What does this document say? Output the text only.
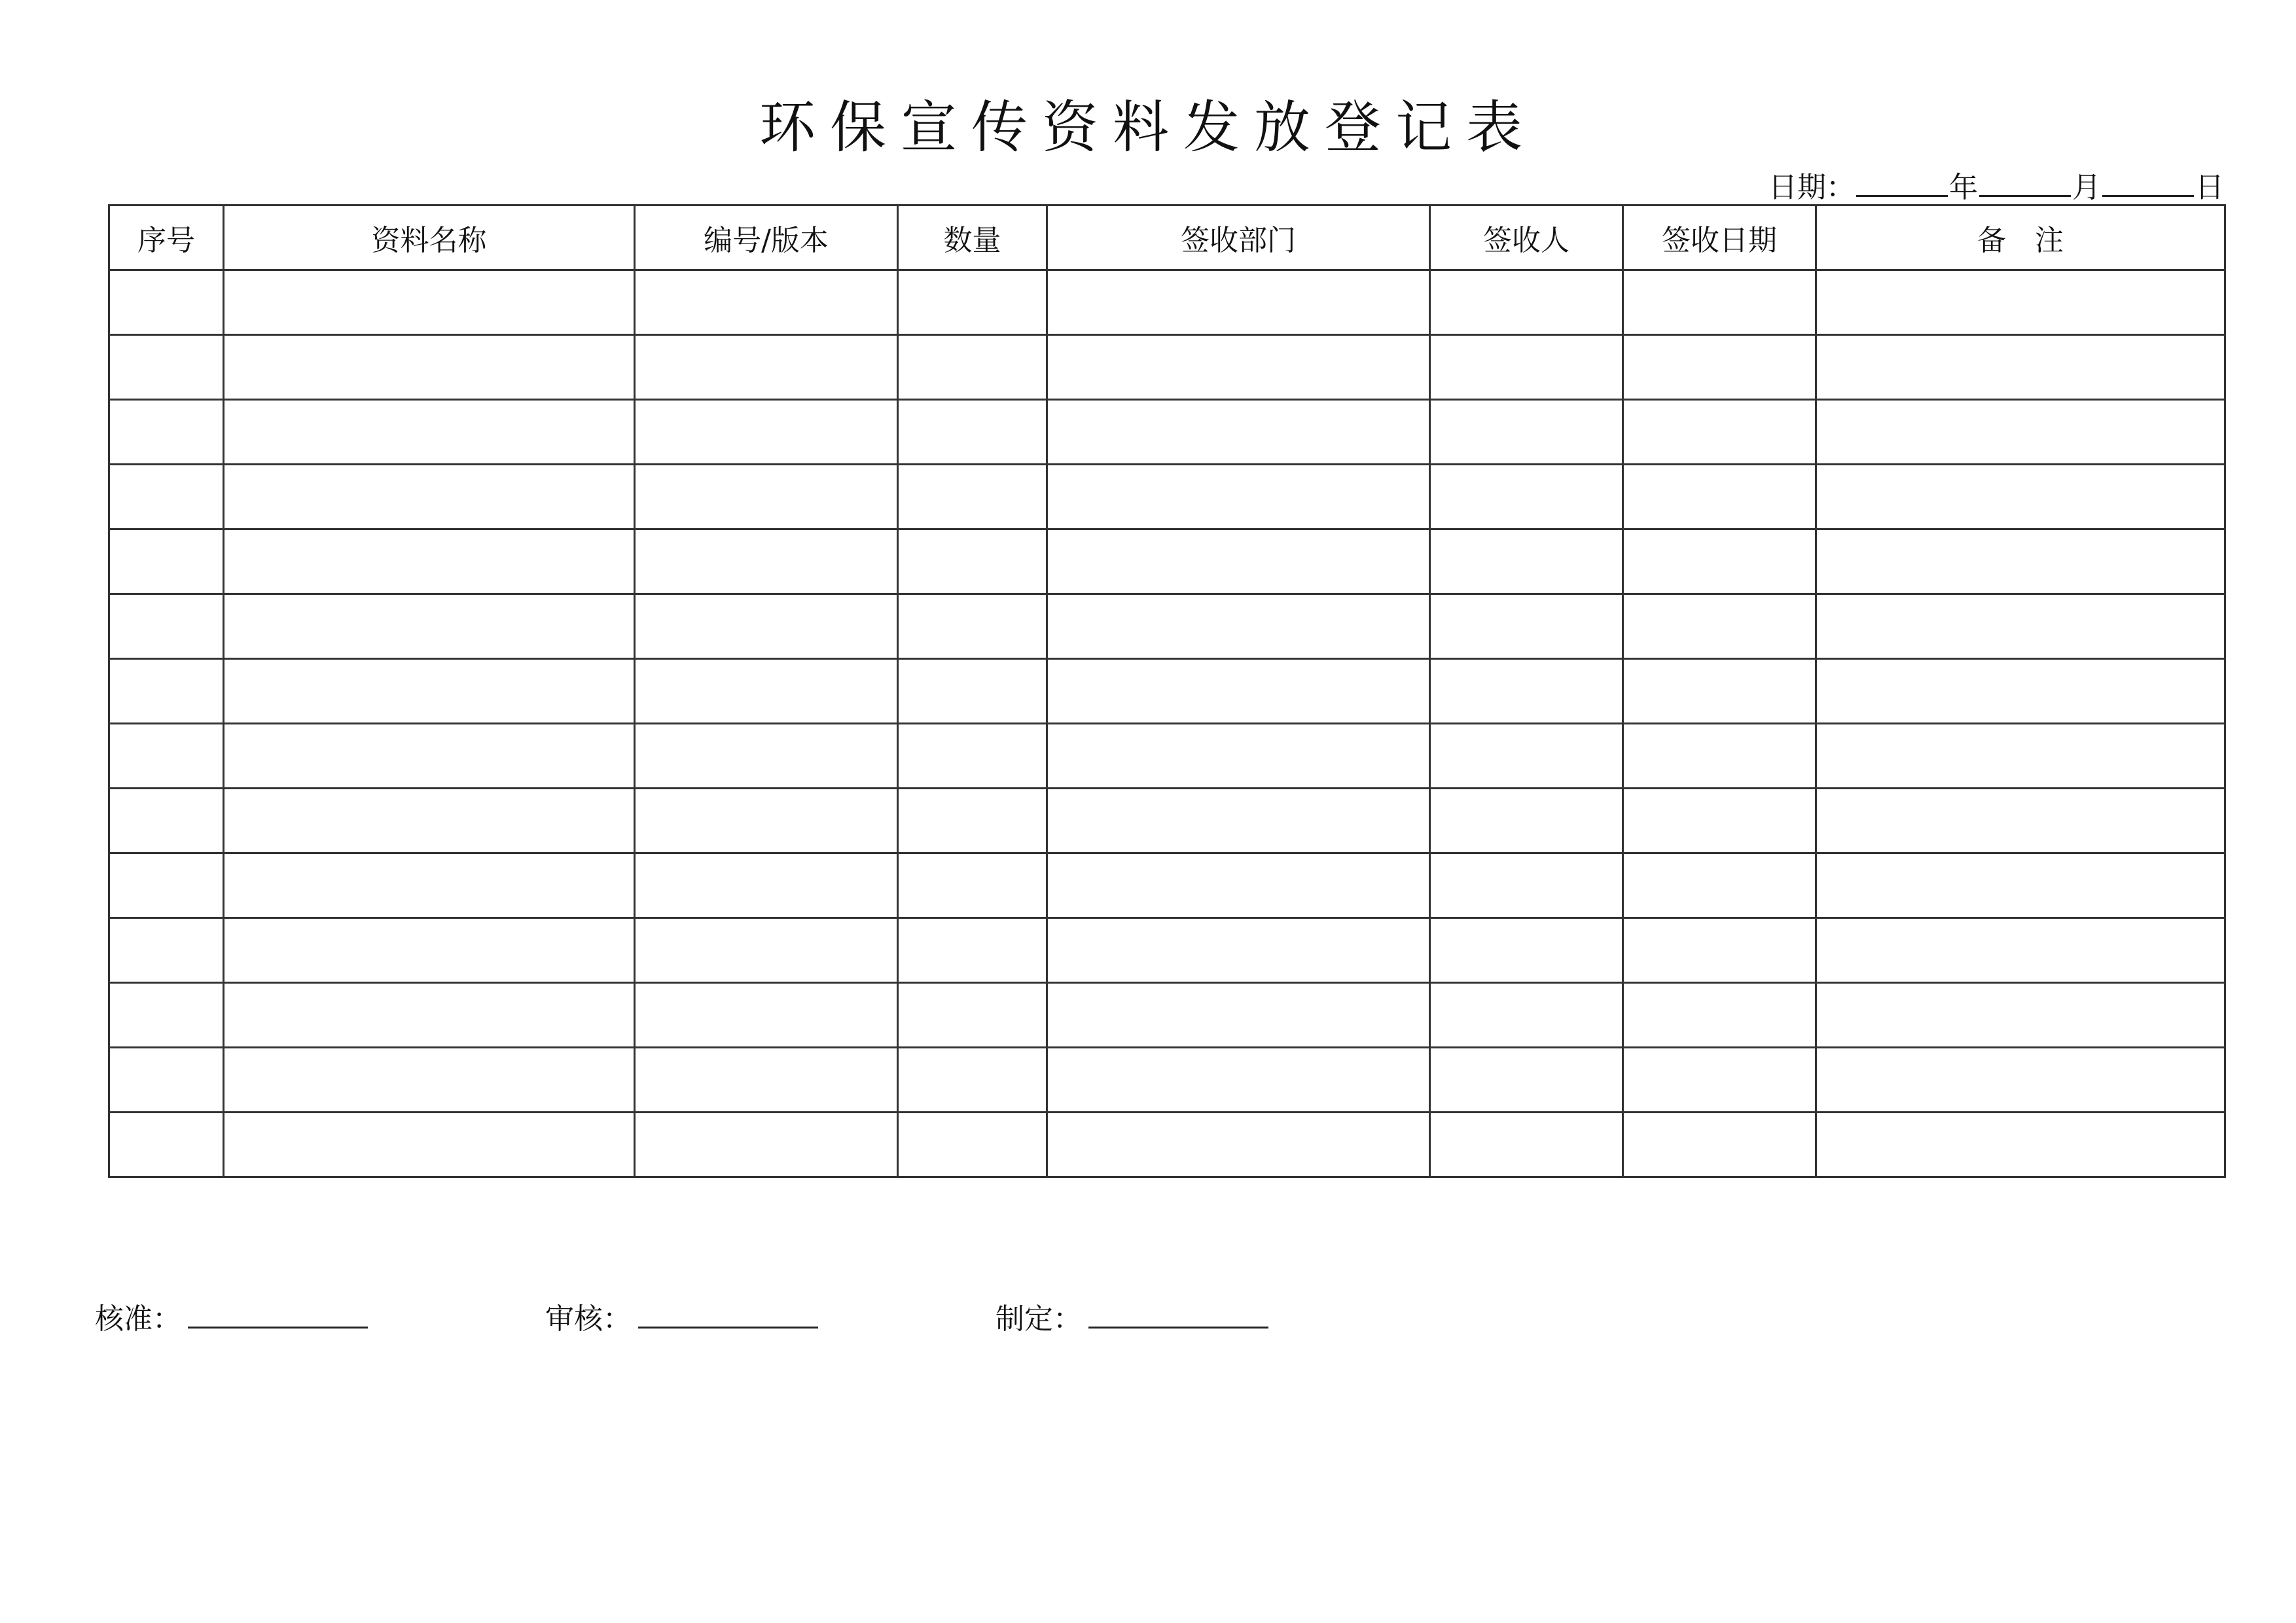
环保宣传资料发放登记表
日期：	年	月	日
序号	资料名称	编号/版本	数量	签收部门	签收人	签收日期	备　注

核准：	审核：	制定：
